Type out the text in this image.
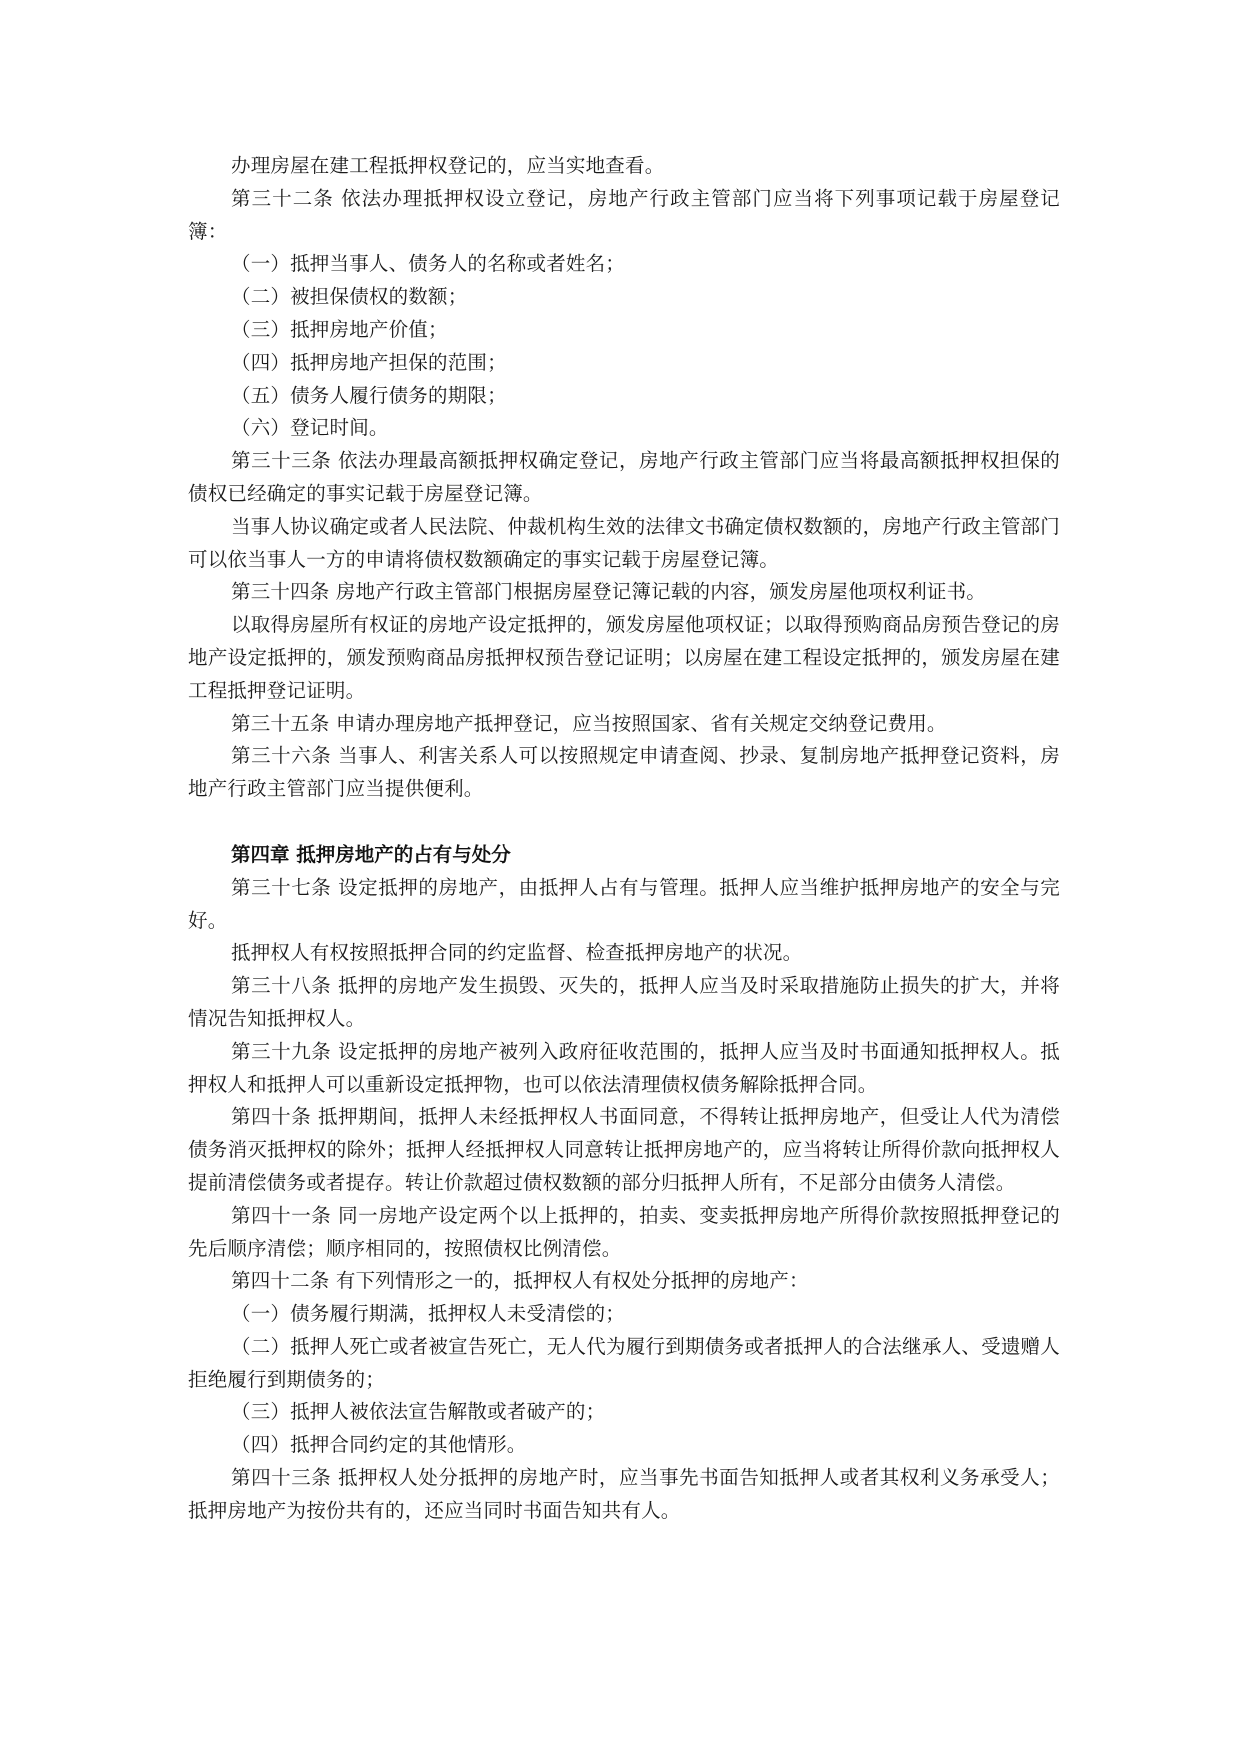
办理房屋在建工程抵押权登记的，应当实地查看。

第三十二条 依法办理抵押权设立登记，房地产行政主管部门应当将下列事项记载于房屋登记簿：

（一）抵押当事人、债务人的名称或者姓名；

（二）被担保债权的数额；

（三）抵押房地产价值；

（四）抵押房地产担保的范围；

（五）债务人履行债务的期限；

（六）登记时间。

第三十三条 依法办理最高额抵押权确定登记，房地产行政主管部门应当将最高额抵押权担保的债权已经确定的事实记载于房屋登记簿。

当事人协议确定或者人民法院、仲裁机构生效的法律文书确定债权数额的，房地产行政主管部门可以依当事人一方的申请将债权数额确定的事实记载于房屋登记簿。

第三十四条 房地产行政主管部门根据房屋登记簿记载的内容，颁发房屋他项权利证书。

以取得房屋所有权证的房地产设定抵押的，颁发房屋他项权证；以取得预购商品房预告登记的房地产设定抵押的，颁发预购商品房抵押权预告登记证明；以房屋在建工程设定抵押的，颁发房屋在建工程抵押登记证明。

第三十五条 申请办理房地产抵押登记，应当按照国家、省有关规定交纳登记费用。

第三十六条 当事人、利害关系人可以按照规定申请查阅、抄录、复制房地产抵押登记资料，房地产行政主管部门应当提供便利。

第四章 抵押房地产的占有与处分

第三十七条 设定抵押的房地产，由抵押人占有与管理。抵押人应当维护抵押房地产的安全与完好。

抵押权人有权按照抵押合同的约定监督、检查抵押房地产的状况。

第三十八条 抵押的房地产发生损毁、灭失的，抵押人应当及时采取措施防止损失的扩大，并将情况告知抵押权人。

第三十九条 设定抵押的房地产被列入政府征收范围的，抵押人应当及时书面通知抵押权人。抵押权人和抵押人可以重新设定抵押物，也可以依法清理债权债务解除抵押合同。

第四十条 抵押期间，抵押人未经抵押权人书面同意，不得转让抵押房地产，但受让人代为清偿债务消灭抵押权的除外；抵押人经抵押权人同意转让抵押房地产的，应当将转让所得价款向抵押权人提前清偿债务或者提存。转让价款超过债权数额的部分归抵押人所有，不足部分由债务人清偿。

第四十一条 同一房地产设定两个以上抵押的，拍卖、变卖抵押房地产所得价款按照抵押登记的先后顺序清偿；顺序相同的，按照债权比例清偿。

第四十二条 有下列情形之一的，抵押权人有权处分抵押的房地产：

（一）债务履行期满，抵押权人未受清偿的；

（二）抵押人死亡或者被宣告死亡，无人代为履行到期债务或者抵押人的合法继承人、受遗赠人拒绝履行到期债务的；

（三）抵押人被依法宣告解散或者破产的；

（四）抵押合同约定的其他情形。

第四十三条 抵押权人处分抵押的房地产时，应当事先书面告知抵押人或者其权利义务承受人；抵押房地产为按份共有的，还应当同时书面告知共有人。
